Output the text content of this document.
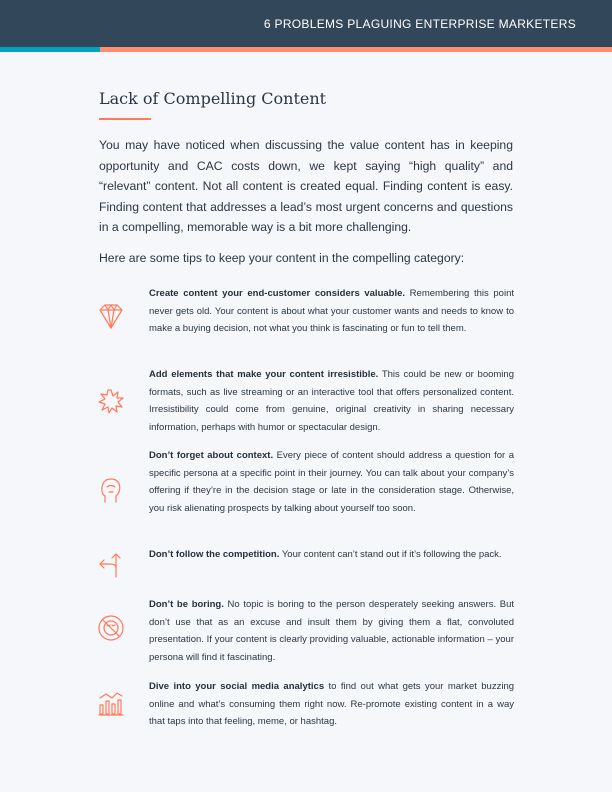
6 PROBLEMS PLAGUING ENTERPRISE MARKETERS
Lack of Compelling Content

You may have noticed when discussing the value content has in keeping opportunity and CAC costs down, we kept saying “high quality” and “relevant” content. Not all content is created equal. Finding content is easy. Finding content that addresses a lead’s most urgent concerns and questions in a compelling, memorable way is a bit more challenging.

Here are some tips to keep your content in the compelling category:

Create content your end-customer considers valuable. Remembering this point never gets old. Your content is about what your customer wants and needs to know to make a buying decision, not what you think is fascinating or fun to tell them.

Add elements that make your content irresistible. This could be new or booming formats, such as live streaming or an interactive tool that offers personalized content. Irresistibility could come from genuine, original creativity in sharing necessary information, perhaps with humor or spectacular design.

Don’t forget about context. Every piece of content should address a question for a specific persona at a specific point in their journey. You can talk about your company’s offering if they’re in the decision stage or late in the consideration stage. Otherwise, you risk alienating prospects by talking about yourself too soon.

Don’t follow the competition. Your content can’t stand out if it’s following the pack.

Don’t be boring. No topic is boring to the person desperately seeking answers. But don’t use that as an excuse and insult them by giving them a flat, convoluted presentation. If your content is clearly providing valuable, actionable information – your persona will find it fascinating.

Dive into your social media analytics to find out what gets your market buzzing online and what’s consuming them right now. Re-promote existing content in a way that taps into that feeling, meme, or hashtag.
